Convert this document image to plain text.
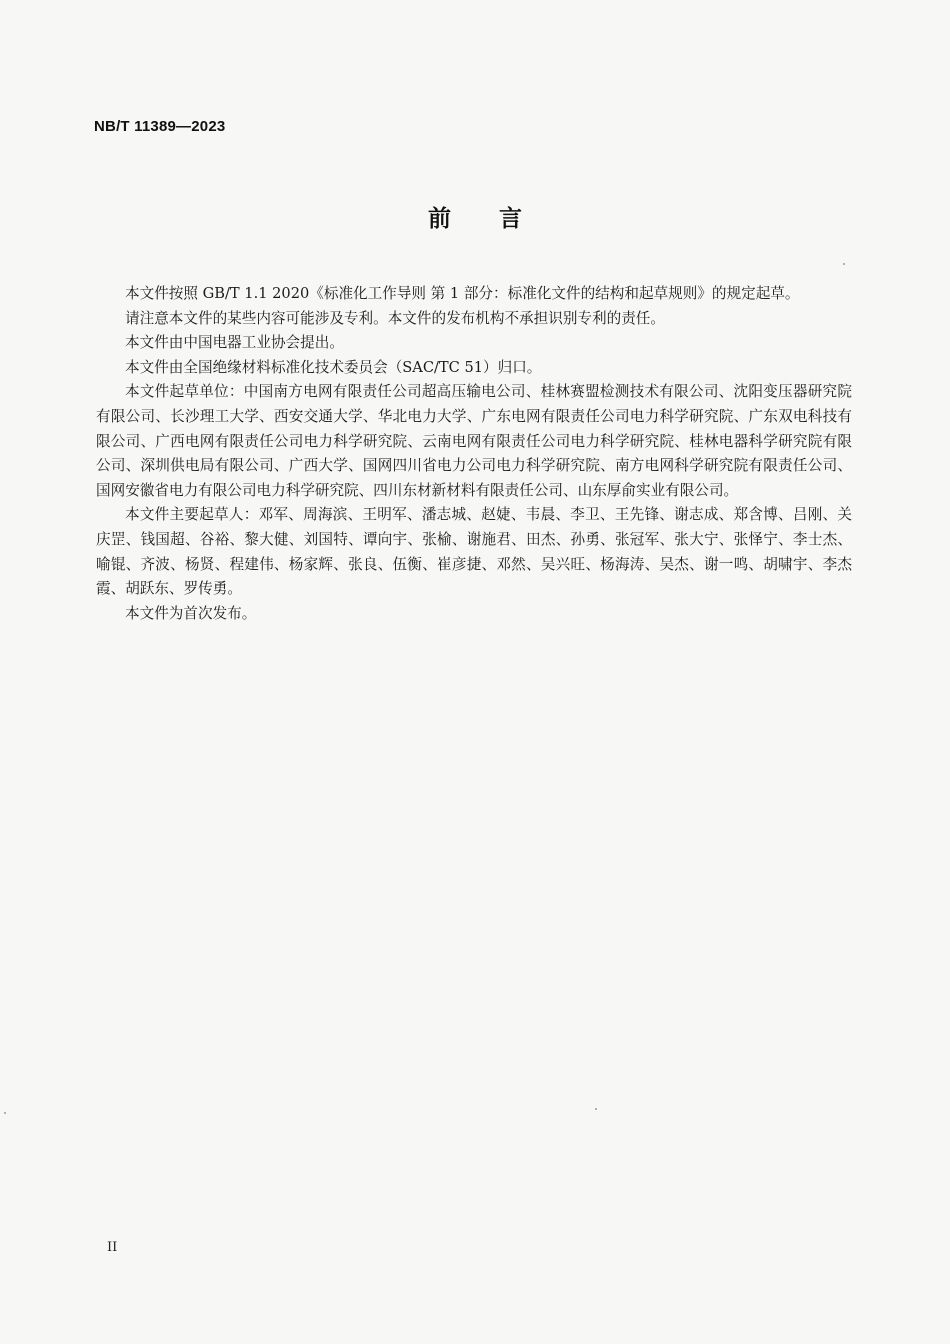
NB/T 11389—2023
前言

本文件按照 GB/T 1.1 2020《标准化工作导则 第 1 部分：标准化文件的结构和起草规则》的规定起草。

请注意本文件的某些内容可能涉及专利。本文件的发布机构不承担识别专利的责任。

本文件由中国电器工业协会提出。

本文件由全国绝缘材料标准化技术委员会（SAC/TC 51）归口。

本文件起草单位：中国南方电网有限责任公司超高压输电公司、桂林赛盟检测技术有限公司、沈阳变压器研究院有限公司、长沙理工大学、西安交通大学、华北电力大学、广东电网有限责任公司电力科学研究院、广东双电科技有限公司、广西电网有限责任公司电力科学研究院、云南电网有限责任公司电力科学研究院、桂林电器科学研究院有限公司、深圳供电局有限公司、广西大学、国网四川省电力公司电力科学研究院、南方电网科学研究院有限责任公司、国网安徽省电力有限公司电力科学研究院、四川东材新材料有限责任公司、山东厚俞实业有限公司。

本文件主要起草人：邓军、周海滨、王明军、潘志城、赵婕、韦晨、李卫、王先锋、谢志成、郑含博、吕刚、关庆罡、钱国超、谷裕、黎大健、刘国特、谭向宇、张榆、谢施君、田杰、孙勇、张冠军、张大宁、张怿宁、李士杰、喻锟、齐波、杨贤、程建伟、杨家辉、张良、伍衡、崔彦捷、邓然、吴兴旺、杨海涛、吴杰、谢一鸣、胡啸宇、李杰霞、胡跃东、罗传勇。

本文件为首次发布。

II
